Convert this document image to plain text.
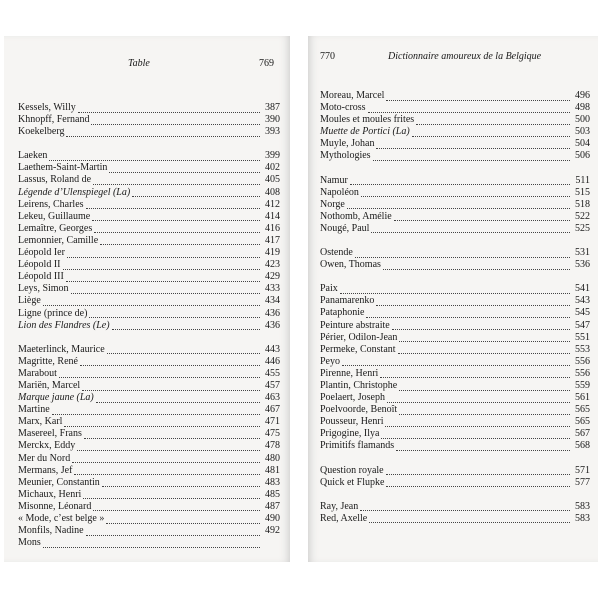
Table	769
Kessels, Willy	387
Khnopff, Fernand	390
Koekelberg	393
Laeken	399
Laethem-Saint-Martin	402
Lassus, Roland de	405
Légende d’Ulenspiegel (La)	408
Leirens, Charles	412
Lekeu, Guillaume	414
Lemaître, Georges	416
Lemonnier, Camille	417
Léopold Ier	419
Léopold II	423
Léopold III	429
Leys, Simon	433
Liège	434
Ligne (prince de)	436
Lion des Flandres (Le)	436
Maeterlinck, Maurice	443
Magritte, René	446
Marabout	455
Mariën, Marcel	457
Marque jaune (La)	463
Martine	467
Marx, Karl	471
Masereel, Frans	475
Merckx, Eddy	478
Mer du Nord	480
Mermans, Jef	481
Meunier, Constantin	483
Michaux, Henri	485
Misonne, Léonard	487
« Mode, c’est belge »	490
Monfils, Nadine	492
Mons
770	Dictionnaire amoureux de la Belgique
Moreau, Marcel	496
Moto-cross	498
Moules et moules frites	500
Muette de Portici (La)	503
Muyle, Johan	504
Mythologies	506
Namur	511
Napoléon	515
Norge	518
Nothomb, Amélie	522
Nougé, Paul	525
Ostende	531
Owen, Thomas	536
Paix	541
Panamarenko	543
Pataphonie	545
Peinture abstraite	547
Périer, Odilon-Jean	551
Permeke, Constant	553
Peyo	556
Pirenne, Henri	556
Plantin, Christophe	559
Poelaert, Joseph	561
Poelvoorde, Benoît	565
Pousseur, Henri	565
Prigogine, Ilya	567
Primitifs flamands	568
Question royale	571
Quick et Flupke	577
Ray, Jean	583
Red, Axelle	583
